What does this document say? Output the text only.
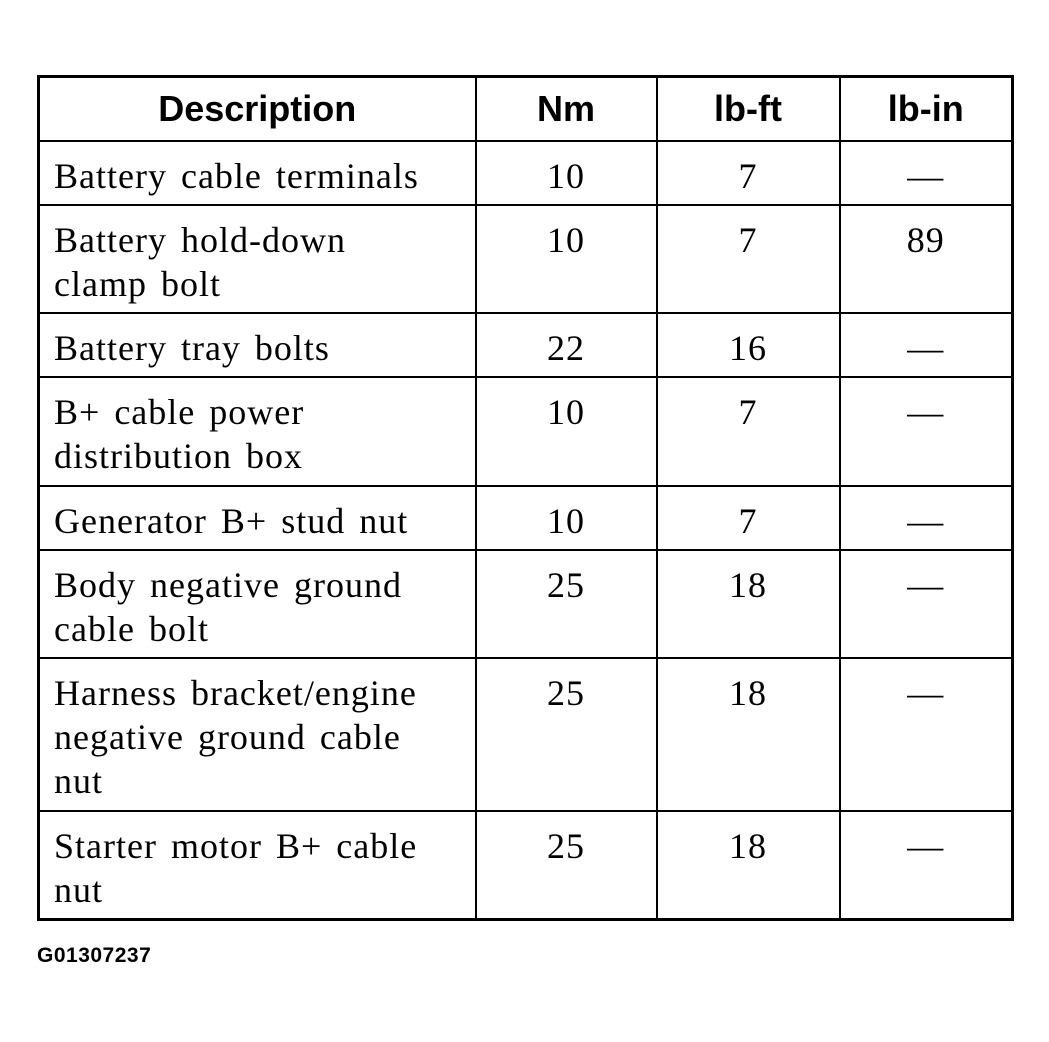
Description	Nm	lb-ft	lb-in

Battery cable terminals	10	7	—

Battery hold-down
clamp bolt	10	7	89

Battery tray bolts	22	16	—

B+ cable power
distribution box	10	7	—

Generator B+ stud nut	10	7	—

Body negative ground
cable bolt	25	18	—

Harness bracket/engine
negative ground cable
nut	25	18	—

Starter motor B+ cable
nut	25	18	—
G01307237
